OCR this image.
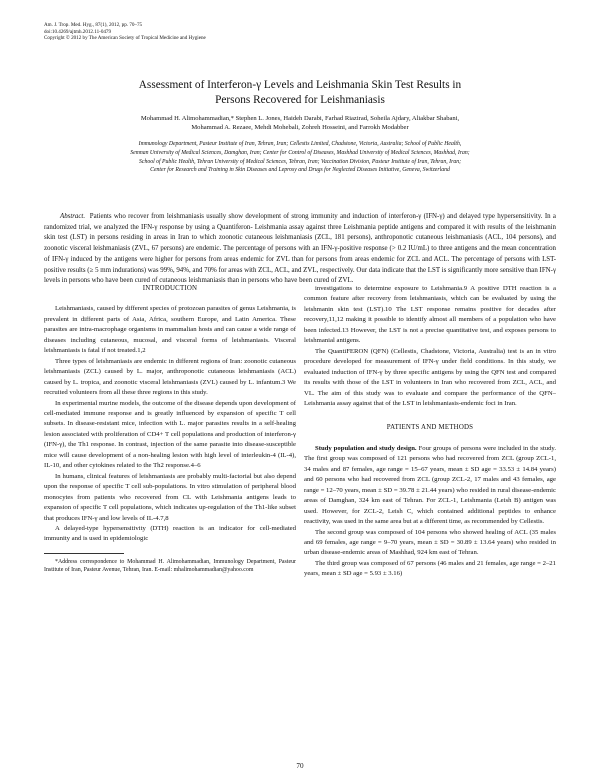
Am. J. Trop. Med. Hyg., 87(1), 2012, pp. 70–75
doi:10.4269/ajtmh.2012.11-0479
Copyright © 2012 by The American Society of Tropical Medicine and Hygiene
Assessment of Interferon-γ Levels and Leishmania Skin Test Results in
Persons Recovered for Leishmaniasis
Mohammad H. Alimohammadian,* Stephen L. Jones, Haideh Darabi, Farhad Riazirad, Soheila Ajdary, Aliakbar Shabani,
Mohammad A. Rezaee, Mehdi Mohebali, Zohreh Hosseini, and Farrokh Modabber
Immunology Department, Pasteur Institute of Iran, Tehran, Iran; Cellestis Limited, Chadstone, Victoria, Australia; School of Public Health,
Semnan University of Medical Sciences, Damghan, Iran; Center for Control of Diseases, Mashhad University of Medical Sciences, Mashhad, Iran;
School of Public Health, Tehran University of Medical Sciences, Tehran, Iran; Vaccination Division, Pasteur Institute of Iran, Tehran, Iran;
Center for Research and Training in Skin Diseases and Leprosy and Drugs for Neglected Diseases Initiative, Geneva, Switzerland
Abstract. Patients who recover from leishmaniasis usually show development of strong immunity and induction of interferon-γ (IFN-γ) and delayed type hypersensitivity. In a randomized trial, we analyzed the IFN-γ response by using a Quantiferon- Leishmania assay against three Leishmania peptide antigens and compared it with results of the leishmanin skin test (LST) in persons residing in areas in Iran to which zoonotic cutaneous leishmaniasis (ZCL, 181 persons), anthroponotic cutaneous leishmaniasis (ACL, 104 persons), and zoonotic visceral leishmaniasis (ZVL, 67 persons) are endemic. The percentage of persons with an IFN-γ-positive response (> 0.2 IU/mL) to three antigens and the mean concentration of IFN-γ induced by the antigens were higher for persons from areas endemic for ZVL than for persons from areas endemic for ZCL and ACL. The percentage of persons with LST-positive results (≥ 5 mm indurations) was 99%, 94%, and 70% for areas with ZCL, ACL, and ZVL, respectively. Our data indicate that the LST is significantly more sensitive than IFN-γ levels in persons who have been cured of cutaneous leishmaniasis than in persons who have been cured of ZVL.
INTRODUCTION

Leishmaniasis, caused by different species of protozoan parasites of genus Leishmania, is prevalent in different parts of Asia, Africa, southern Europe, and Latin America. These parasites are intra-macrophage organisms in mammalian hosts and can cause a wide range of diseases including cutaneous, mucosal, and visceral forms of leishmaniasis. Visceral leishmaniasis is fatal if not treated.1,2

Three types of leishmaniasis are endemic in different regions of Iran: zoonotic cutaneous leishmaniasis (ZCL) caused by L. major, anthroponotic cutaneous leishmaniasis (ACL) caused by L. tropica, and zoonotic visceral leishmaniasis (ZVL) caused by L. infantum.3 We recruited volunteers from all these three regions in this study.

In experimental murine models, the outcome of the disease depends upon development of cell-mediated immune response and is greatly influenced by expansion of specific T cell subsets. In disease-resistant mice, infection with L. major parasites results in a self-healing lesion associated with proliferation of CD4+ T cell populations and production of interferon-γ (IFN-γ), the Th1 response. In contrast, injection of the same parasite into disease-susceptible mice will cause development of a non-healing lesion with high level of interleukin-4 (IL-4), IL-10, and other cytokines related to the Th2 response.4–6

In humans, clinical features of leishmaniasis are probably multi-factorial but also depend upon the response of specific T cell sub-populations. In vitro stimulation of peripheral blood monocytes from patients who recovered from CL with Leishmania antigens leads to expansion of specific T cell populations, which indicates up-regulation of the Th1-like subset that produces IFN-γ and low levels of IL-4.7,8

A delayed-type hypersensitivity (DTH) reaction is an indicator for cell-mediated immunity and is used in epidemiologic

*Address correspondence to Mohammad H. Alimohammadian, Immunology Department, Pasteur Institute of Iran, Pasteur Avenue, Tehran, Iran. E-mail: mhalimohammadian@yahoo.com

investigations to determine exposure to Leishmania.9 A positive DTH reaction is a common feature after recovery from leishmaniasis, which can be evaluated by using the leishmanin skin test (LST).10 The LST response remains positive for decades after recovery,11,12 making it possible to identify almost all members of a population who have been infected.13 However, the LST is not a precise quantitative test, and exposes persons to leishmanial antigens.

The QuantiFERON (QFN) (Cellestis, Chadstone, Victoria, Australia) test is an in vitro procedure developed for measurement of IFN-γ under field conditions. In this study, we evaluated induction of IFN-γ by three specific antigens by using the QFN test and compared its results with those of the LST in volunteers in Iran who recovered from ZCL, ACL, and VL. The aim of this study was to evaluate and compare the performance of the QFN–Leishmania assay against that of the LST in leishmaniasis-endemic foci in Iran.

PATIENTS AND METHODS

Study population and study design. Four groups of persons were included in the study. The first group was composed of 121 persons who had recovered from ZCL (group ZCL-1, 34 males and 87 females, age range = 15–67 years, mean ± SD age = 33.53 ± 14.84 years) and 60 persons who had recovered from ZCL (group ZCL-2, 17 males and 43 females, age range = 12–70 years, mean ± SD = 39.78 ± 21.44 years) who resided in rural disease-endemic areas of Damghan, 324 km east of Tehran. For ZCL-1, Leishmania (Leish B) antigen was used. However, for ZCL-2, Leish C, which contained additional peptides to enhance reactivity, was used in the same area but at a different time, as recommended by Cellestis.

The second group was composed of 104 persons who showed healing of ACL (35 males and 69 females, age range = 9–70 years, mean ± SD = 30.89 ± 13.64 years) who resided in urban disease-endemic areas of Mashhad, 924 km east of Tehran.

The third group was composed of 67 persons (46 males and 21 females, age range = 2–21 years, mean ± SD age = 5.93 ± 3.16)

70
